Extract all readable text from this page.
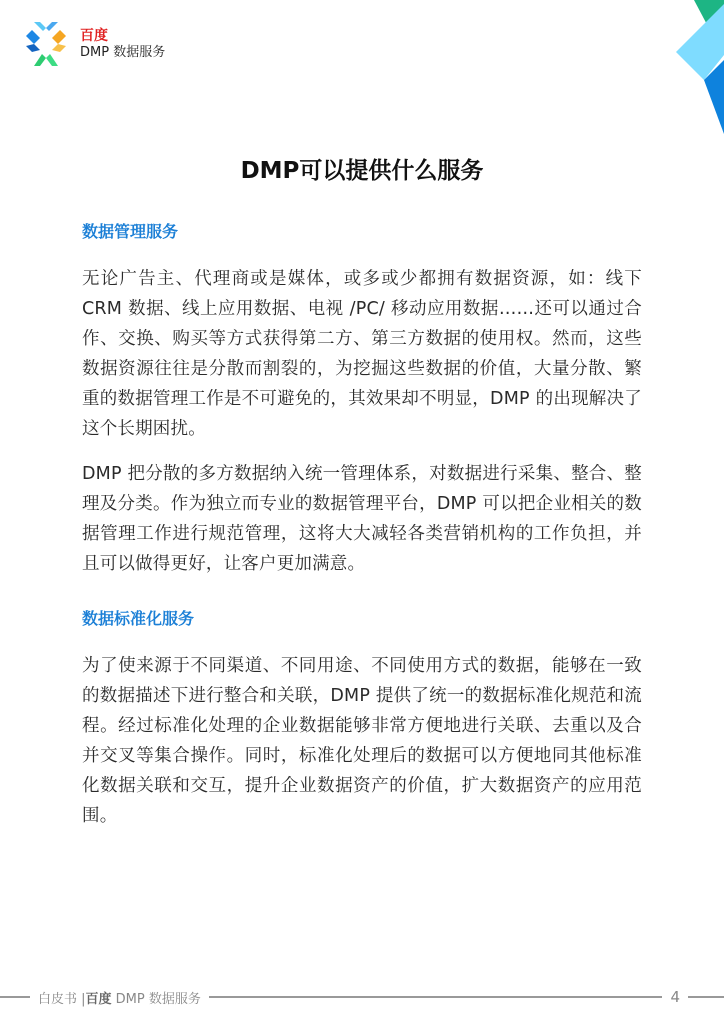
百度
DMP 数据服务
DMP可以提供什么服务
数据管理服务

无论广告主、代理商或是媒体，或多或少都拥有数据资源，如：线下CRM 数据、线上应用数据、电视 /PC/ 移动应用数据……还可以通过合作、交换、购买等方式获得第二方、第三方数据的使用权。然而，这些数据资源往往是分散而割裂的，为挖掘这些数据的价值，大量分散、繁重的数据管理工作是不可避免的，其效果却不明显，DMP 的出现解决了这个长期困扰。

DMP 把分散的多方数据纳入统一管理体系，对数据进行采集、整合、整理及分类。作为独立而专业的数据管理平台，DMP 可以把企业相关的数据管理工作进行规范管理，这将大大减轻各类营销机构的工作负担，并且可以做得更好，让客户更加满意。

数据标准化服务

为了使来源于不同渠道、不同用途、不同使用方式的数据，能够在一致的数据描述下进行整合和关联，DMP 提供了统一的数据标准化规范和流程。经过标准化处理的企业数据能够非常方便地进行关联、去重以及合并交叉等集合操作。同时，标准化处理后的数据可以方便地同其他标准化数据关联和交互，提升企业数据资产的价值，扩大数据资产的应用范围。

白皮书 |百度 DMP 数据服务	4
